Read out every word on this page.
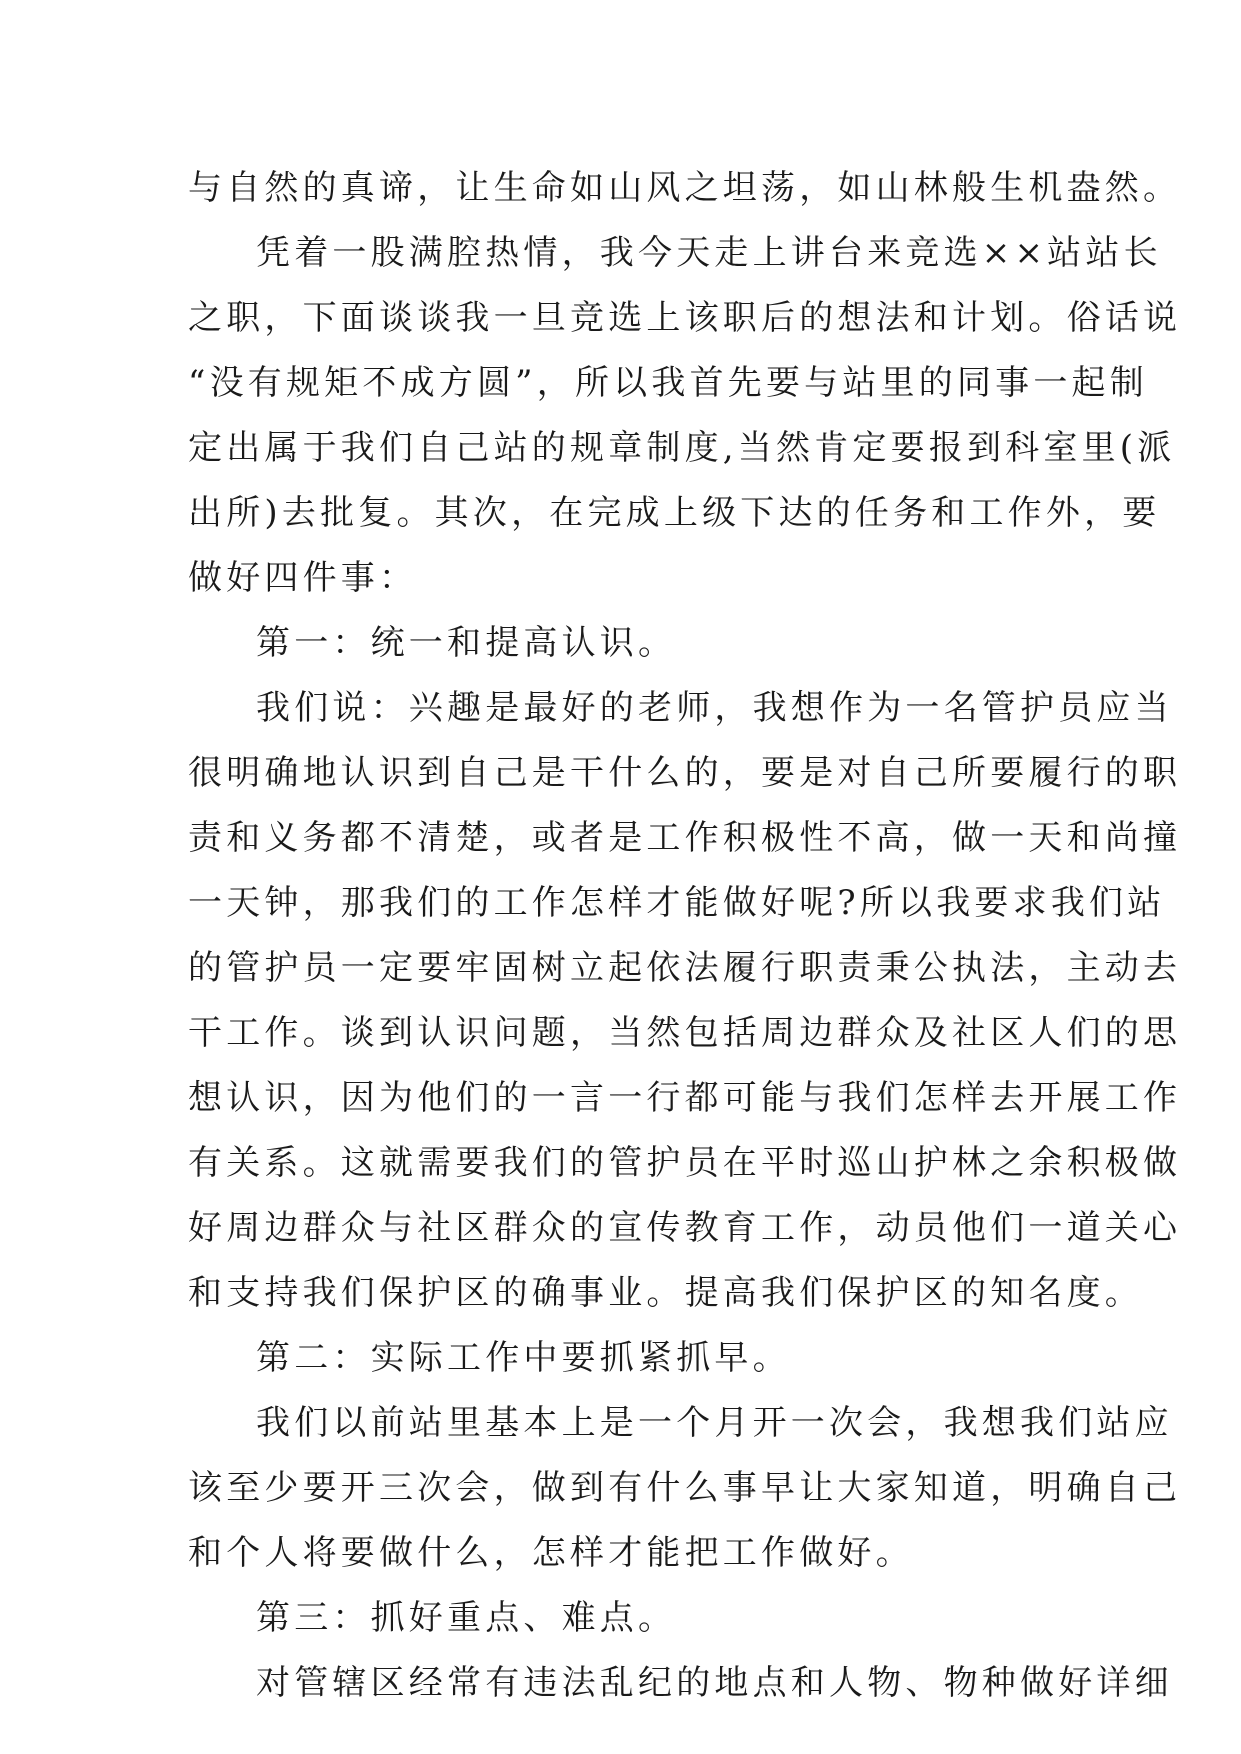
与自然的真谛，让生命如山风之坦荡，如山林般生机盎然。
凭着一股满腔热情，我今天走上讲台来竞选××站站长
之职，下面谈谈我一旦竞选上该职后的想法和计划。俗话说
“没有规矩不成方圆”，所以我首先要与站里的同事一起制
定出属于我们自己站的规章制度,当然肯定要报到科室里(派
出所)去批复。其次，在完成上级下达的任务和工作外，要
做好四件事：
第一：统一和提高认识。
我们说：兴趣是最好的老师，我想作为一名管护员应当
很明确地认识到自己是干什么的，要是对自己所要履行的职
责和义务都不清楚，或者是工作积极性不高，做一天和尚撞
一天钟，那我们的工作怎样才能做好呢?所以我要求我们站
的管护员一定要牢固树立起依法履行职责秉公执法，主动去
干工作。谈到认识问题，当然包括周边群众及社区人们的思
想认识，因为他们的一言一行都可能与我们怎样去开展工作
有关系。这就需要我们的管护员在平时巡山护林之余积极做
好周边群众与社区群众的宣传教育工作，动员他们一道关心
和支持我们保护区的确事业。提高我们保护区的知名度。
第二：实际工作中要抓紧抓早。
我们以前站里基本上是一个月开一次会，我想我们站应
该至少要开三次会，做到有什么事早让大家知道，明确自己
和个人将要做什么，怎样才能把工作做好。
第三：抓好重点、难点。
对管辖区经常有违法乱纪的地点和人物、物种做好详细
